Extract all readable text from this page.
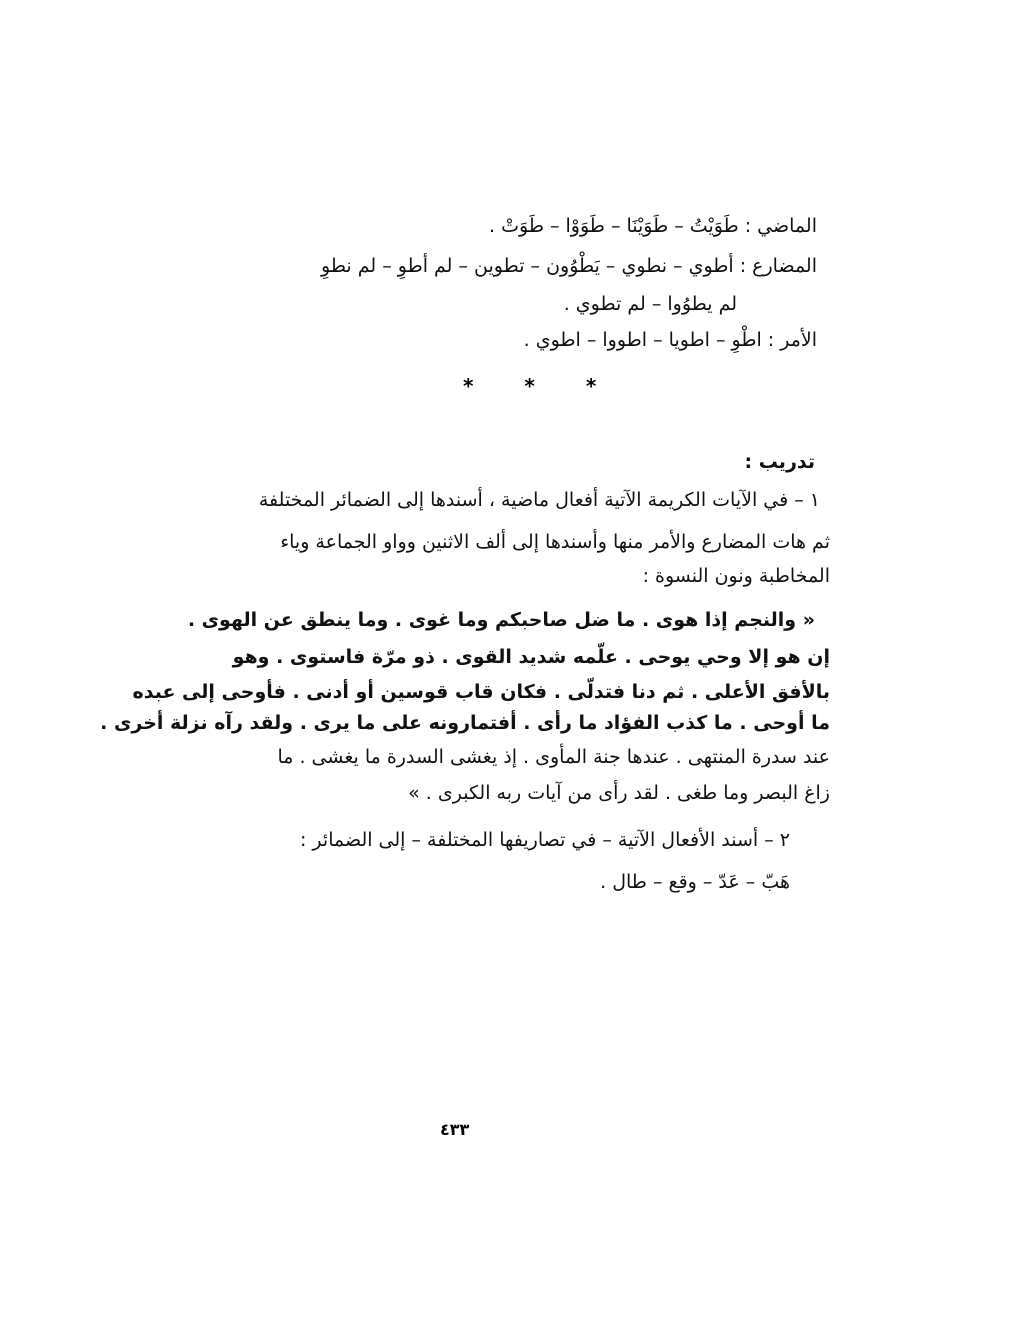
الماضي : طَوَيْتُ – طَوَيْنَا – طَوَوْا – طَوَتْ .
المضارع : أطوي – نطوي – يَطْوُون – تطوين – لم أطوِ – لم نطوِ
لم يطوُوا – لم تطوي .
الأمر : اطْوِ – اطويا – اطووا – اطوي .
* * *
تدريب :
١ – في الآيات الكريمة الآتية أفعال ماضية ، أسندها إلى الضمائر المختلفة
ثم هات المضارع والأمر منها وأسندها إلى ألف الاثنين وواو الجماعة وياء
المخاطبة ونون النسوة :
« والنجم إذا هوى . ما ضل صاحبكم وما غوى . وما ينطق عن الهوى .
إن هو إلا وحي يوحى . علّمه شديد القوى . ذو مرّة فاستوى . وهو
بالأفق الأعلى . ثم دنا فتدلّى . فكان قاب قوسين أو أدنى . فأوحى إلى عبده
ما أوحى . ما كذب الفؤاد ما رأى . أفتمارونه على ما يرى . ولقد رآه نزلة أخرى .
عند سدرة المنتهى . عندها جنة المأوى . إذ يغشى السدرة ما يغشى . ما
زاغ البصر وما طغى . لقد رأى من آيات ربه الكبرى . »
٢ – أسند الأفعال الآتية – في تصاريفها المختلفة – إلى الضمائر :
هَبّ – عَدّ – وقع – طال .
٤٣٣
